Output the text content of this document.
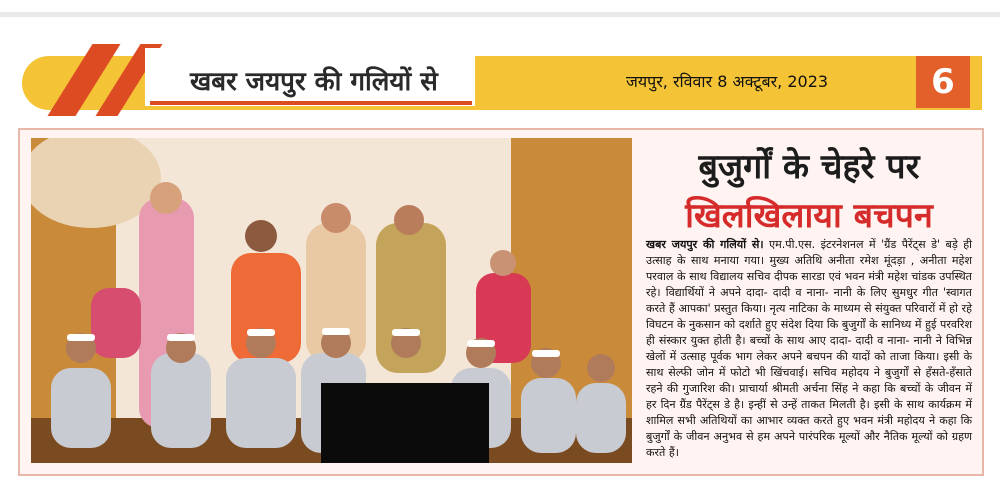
खबर जयपुर की गलियों से	जयपुर, रविवार 8 अक्टूबर, 2023	6
बुजुर्गों के चेहरे पर
खिलखिलाया बचपन
खबर जयपुर की गलियों से। एम.पी.एस. इंटरनेशनल में 'ग्रैंड पैरेंट्स डे' बड़े ही उत्साह के साथ मनाया गया। मुख्य अतिथि अनीता रमेश मूंदड़ा , अनीता महेश परवाल के साथ विद्यालय सचिव दीपक सारडा एवं भवन मंत्री महेश चांडक उपस्थित रहे। विद्यार्थियों ने अपने दादा- दादी व नाना- नानी के लिए सुमधुर गीत 'स्वागत करते हैं आपका' प्रस्तुत किया। नृत्य नाटिका के माध्यम से संयुक्त परिवारों में हो रहे विघटन के नुकसान को दर्शाते हुए संदेश दिया कि बुजुर्गों के सानिध्य में हुई परवरिश ही संस्कार युक्त होती है। बच्चों के साथ आए दादा- दादी व नाना- नानी ने विभिन्न खेलों में उत्साह पूर्वक भाग लेकर अपने बचपन की यादों को ताजा किया। इसी के साथ सेल्फी जोन में फोटो भी खिंचवाई। सचिव महोदय ने बुजुर्गों से हँसते-हँसाते रहने की गुजारिश की। प्राचार्या श्रीमती अर्चना सिंह ने कहा कि बच्चों के जीवन में हर दिन ग्रैंड पैरेंट्स डे है। इन्हीं से उन्हें ताकत मिलती है। इसी के साथ कार्यक्रम में शामिल सभी अतिथियों का आभार व्यक्त करते हुए भवन मंत्री महोदय ने कहा कि बुजुर्गों के जीवन अनुभव से हम अपने पारंपरिक मूल्यों और नैतिक मूल्यों को ग्रहण करते हैं।
